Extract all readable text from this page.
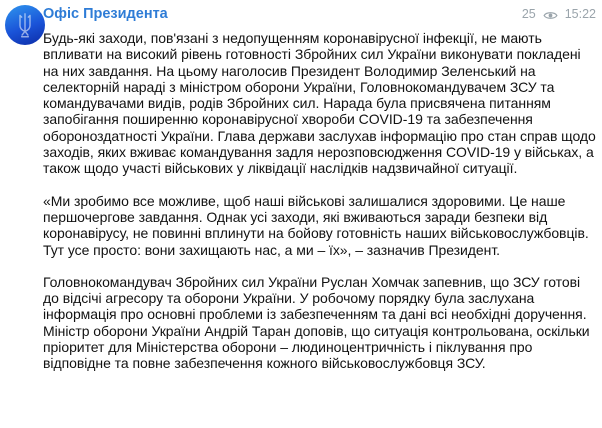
Офіс Президента	25 15:22

Будь-які заходи, пов'язані з недопущенням коронавірусної інфекції, не мають впливати на високий рівень готовності Збройних сил України виконувати покладені на них завдання. На цьому наголосив Президент Володимир Зеленський на селекторній нараді з міністром оборони України, Головнокомандувачем ЗСУ та командувачами видів, родів Збройних сил. Нарада була присвячена питанням запобігання поширенню коронавірусної хвороби COVID-19 та забезпечення обороноздатності України. Глава держави заслухав інформацію про стан справ щодо заходів, яких вживає командування задля нерозповсюдження COVID-19 у військах, а також щодо участі військових у ліквідації наслідків надзвичайної ситуації.

«Ми зробимо все можливе, щоб наші військові залишалися здоровими. Це наше першочергове завдання. Однак усі заходи, які вживаються заради безпеки від коронавірусу, не повинні вплинути на бойову готовність наших військовослужбовців. Тут усе просто: вони захищають нас, а ми – їх», – зазначив Президент.

Головнокомандувач Збройних сил України Руслан Хомчак запевнив, що ЗСУ готові до відсічі агресору та оборони України. У робочому порядку була заслухана інформація про основні проблеми із забезпеченням та дані всі необхідні доручення. Міністр оборони України Андрій Таран доповів, що ситуація контрольована, оскільки пріоритет для Міністерства оборони – людиноцентричність і піклування про відповідне та повне забезпечення кожного військовослужбовця ЗСУ.
